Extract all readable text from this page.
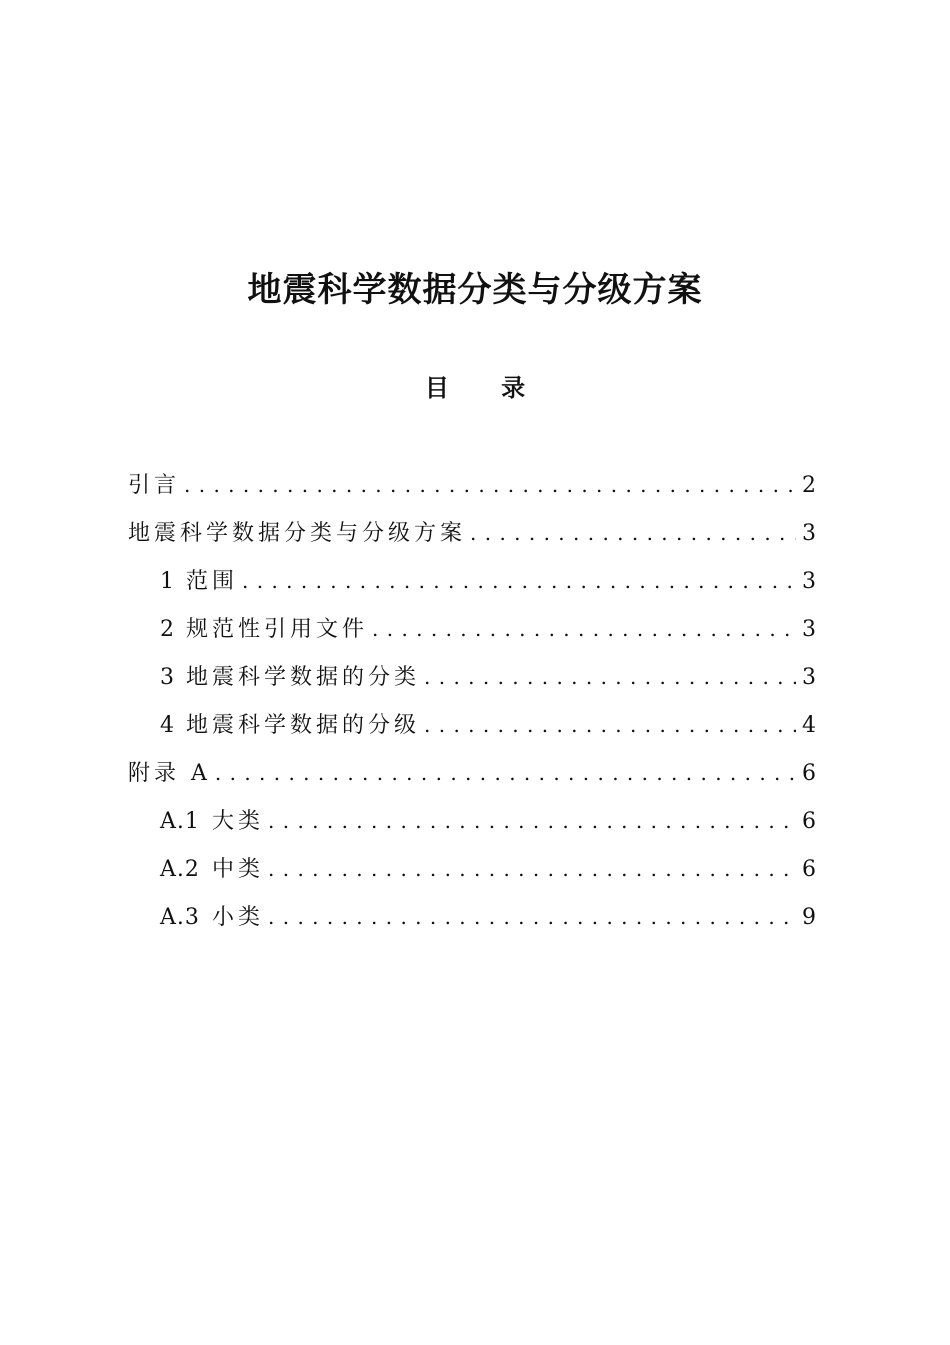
地震科学数据分类与分级方案
目 录
引言 . . .	2
地震科学数据分类与分级方案 . . .	3
1 范围 . . .	3
2 规范性引用文件 . . .	3
3 地震科学数据的分类 . . .	3
4 地震科学数据的分级 . . .	4
附录 A . . .	6
A.1 大类 . . .	6
A.2 中类 . . .	6
A.3 小类 . . .	9
